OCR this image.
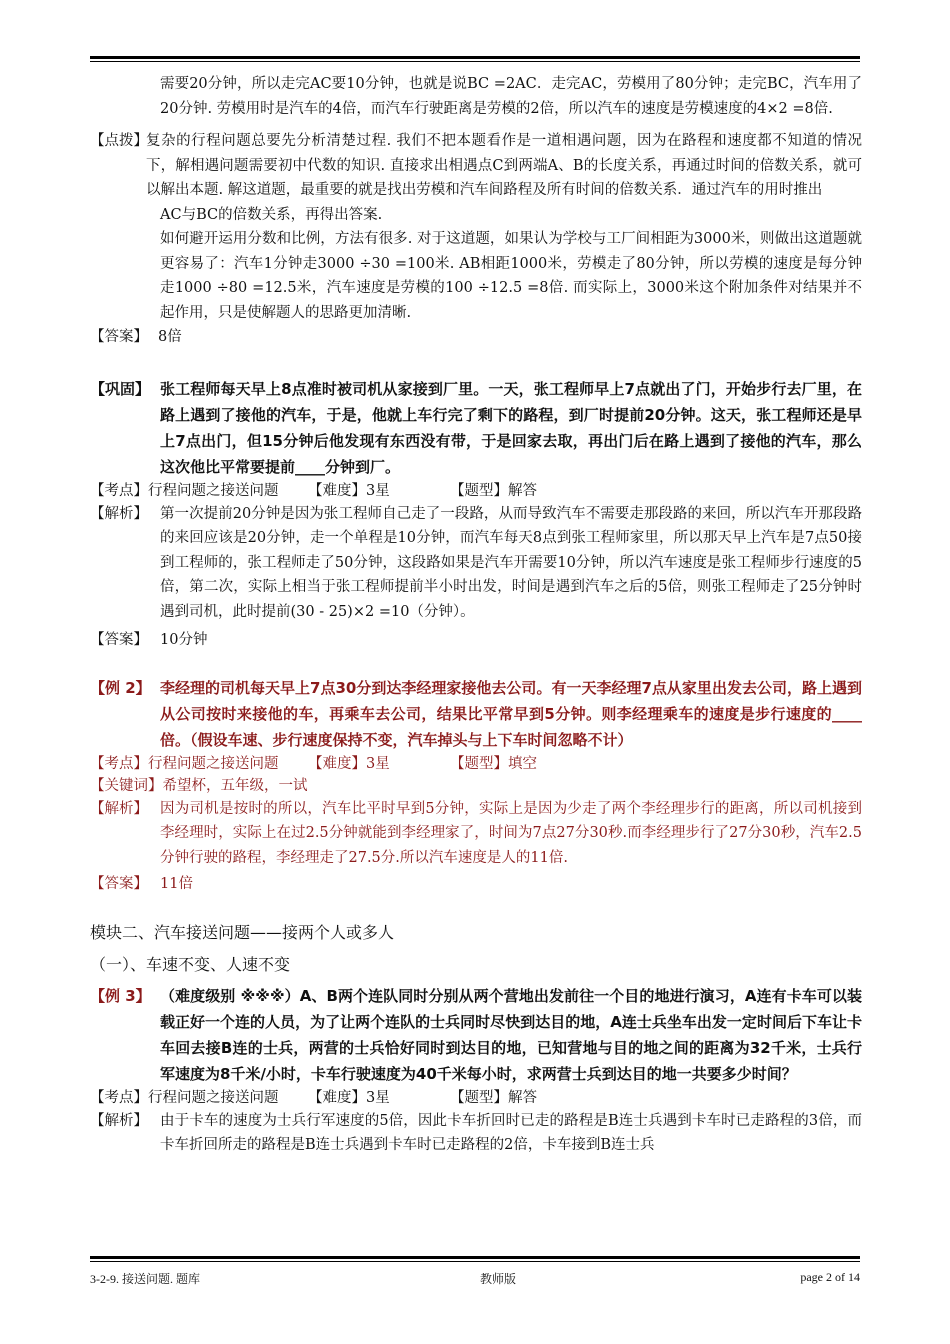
需要20分钟，所以走完AC要10分钟，也就是说BC =2AC．走完AC，劳模用了80分钟；走完BC，汽车用了20分钟. 劳模用时是汽车的4倍，而汽车行驶距离是劳模的2倍，所以汽车的速度是劳模速度的4×2 =8倍.
【点拨】
复杂的行程问题总要先分析清楚过程. 我们不把本题看作是一道相遇问题，因为在路程和速度都不知道的情况下，解相遇问题需要初中代数的知识. 直接求出相遇点C到两端A、B的长度关系，再通过时间的倍数关系，就可以解出本题. 解这道题，最重要的就是找出劳模和汽车间路程及所有时间的倍数关系．通过汽车的用时推出
AC与BC的倍数关系，再得出答案.
如何避开运用分数和比例，方法有很多. 对于这道题，如果认为学校与工厂间相距为3000米，则做出这道题就更容易了：汽车1分钟走3000 ÷30 =100米. AB相距1000米，劳模走了80分钟，所以劳模的速度是每分钟走1000 ÷80 =12.5米，汽车速度是劳模的100 ÷12.5 =8倍. 而实际上，3000米这个附加条件对结果并不起作用，只是使解题人的思路更加清晰.
【答案】 8倍
【巩固】 张工程师每天早上8点准时被司机从家接到厂里。一天，张工程师早上7点就出了门，开始步行去厂里，在路上遇到了接他的汽车，于是，他就上车行完了剩下的路程，到厂时提前20分钟。这天，张工程师还是早上7点出门，但15分钟后他发现有东西没有带，于是回家去取，再出门后在路上遇到了接他的汽车，那么这次他比平常要提前____分钟到厂。
【考点】行程问题之接送问题 【难度】3星	【题型】解答
【解析】 第一次提前20分钟是因为张工程师自己走了一段路，从而导致汽车不需要走那段路的来回，所以汽车开那段路的来回应该是20分钟，走一个单程是10分钟，而汽车每天8点到张工程师家里，所以那天早上汽车是7点50接到工程师的，张工程师走了50分钟，这段路如果是汽车开需要10分钟，所以汽车速度是张工程师步行速度的5倍，第二次，实际上相当于张工程师提前半小时出发，时间是遇到汽车之后的5倍，则张工程师走了25分钟时遇到司机，此时提前(30 - 25)×2 =10（分钟）。
【答案】 10分钟
【例 2】 李经理的司机每天早上7点30分到达李经理家接他去公司。有一天李经理7点从家里出发去公司，路上遇到从公司按时来接他的车，再乘车去公司，结果比平常早到5分钟。则李经理乘车的速度是步行速度的____倍。（假设车速、步行速度保持不变，汽车掉头与上下车时间忽略不计）
【考点】行程问题之接送问题 【难度】3星	【题型】填空
【关键词】希望杯，五年级，一试
【解析】 因为司机是按时的所以，汽车比平时早到5分钟，实际上是因为少走了两个李经理步行的距离，所以司机接到李经理时，实际上在过2.5分钟就能到李经理家了，时间为7点27分30秒.而李经理步行了27分30秒，汽车2.5分钟行驶的路程，李经理走了27.5分.所以汽车速度是人的11倍.
【答案】 11倍
模块二、汽车接送问题——接两个人或多人
（一）、车速不变、人速不变
【例 3】 （难度级别 ※※※）A、B两个连队同时分别从两个营地出发前往一个目的地进行演习，A连有卡车可以装载正好一个连的人员，为了让两个连队的士兵同时尽快到达目的地，A连士兵坐车出发一定时间后下车让卡车回去接B连的士兵，两营的士兵恰好同时到达目的地，已知营地与目的地之间的距离为32千米，士兵行军速度为8千米/小时，卡车行驶速度为40千米每小时，求两营士兵到达目的地一共要多少时间？
【考点】行程问题之接送问题 【难度】3星	【题型】解答
【解析】 由于卡车的速度为士兵行军速度的5倍，因此卡车折回时已走的路程是B连士兵遇到卡车时已走路程的3倍，而卡车折回所走的路程是B连士兵遇到卡车时已走路程的2倍，卡车接到B连士兵
3-2-9. 接送问题. 题库	教师版	page 2 of 14
